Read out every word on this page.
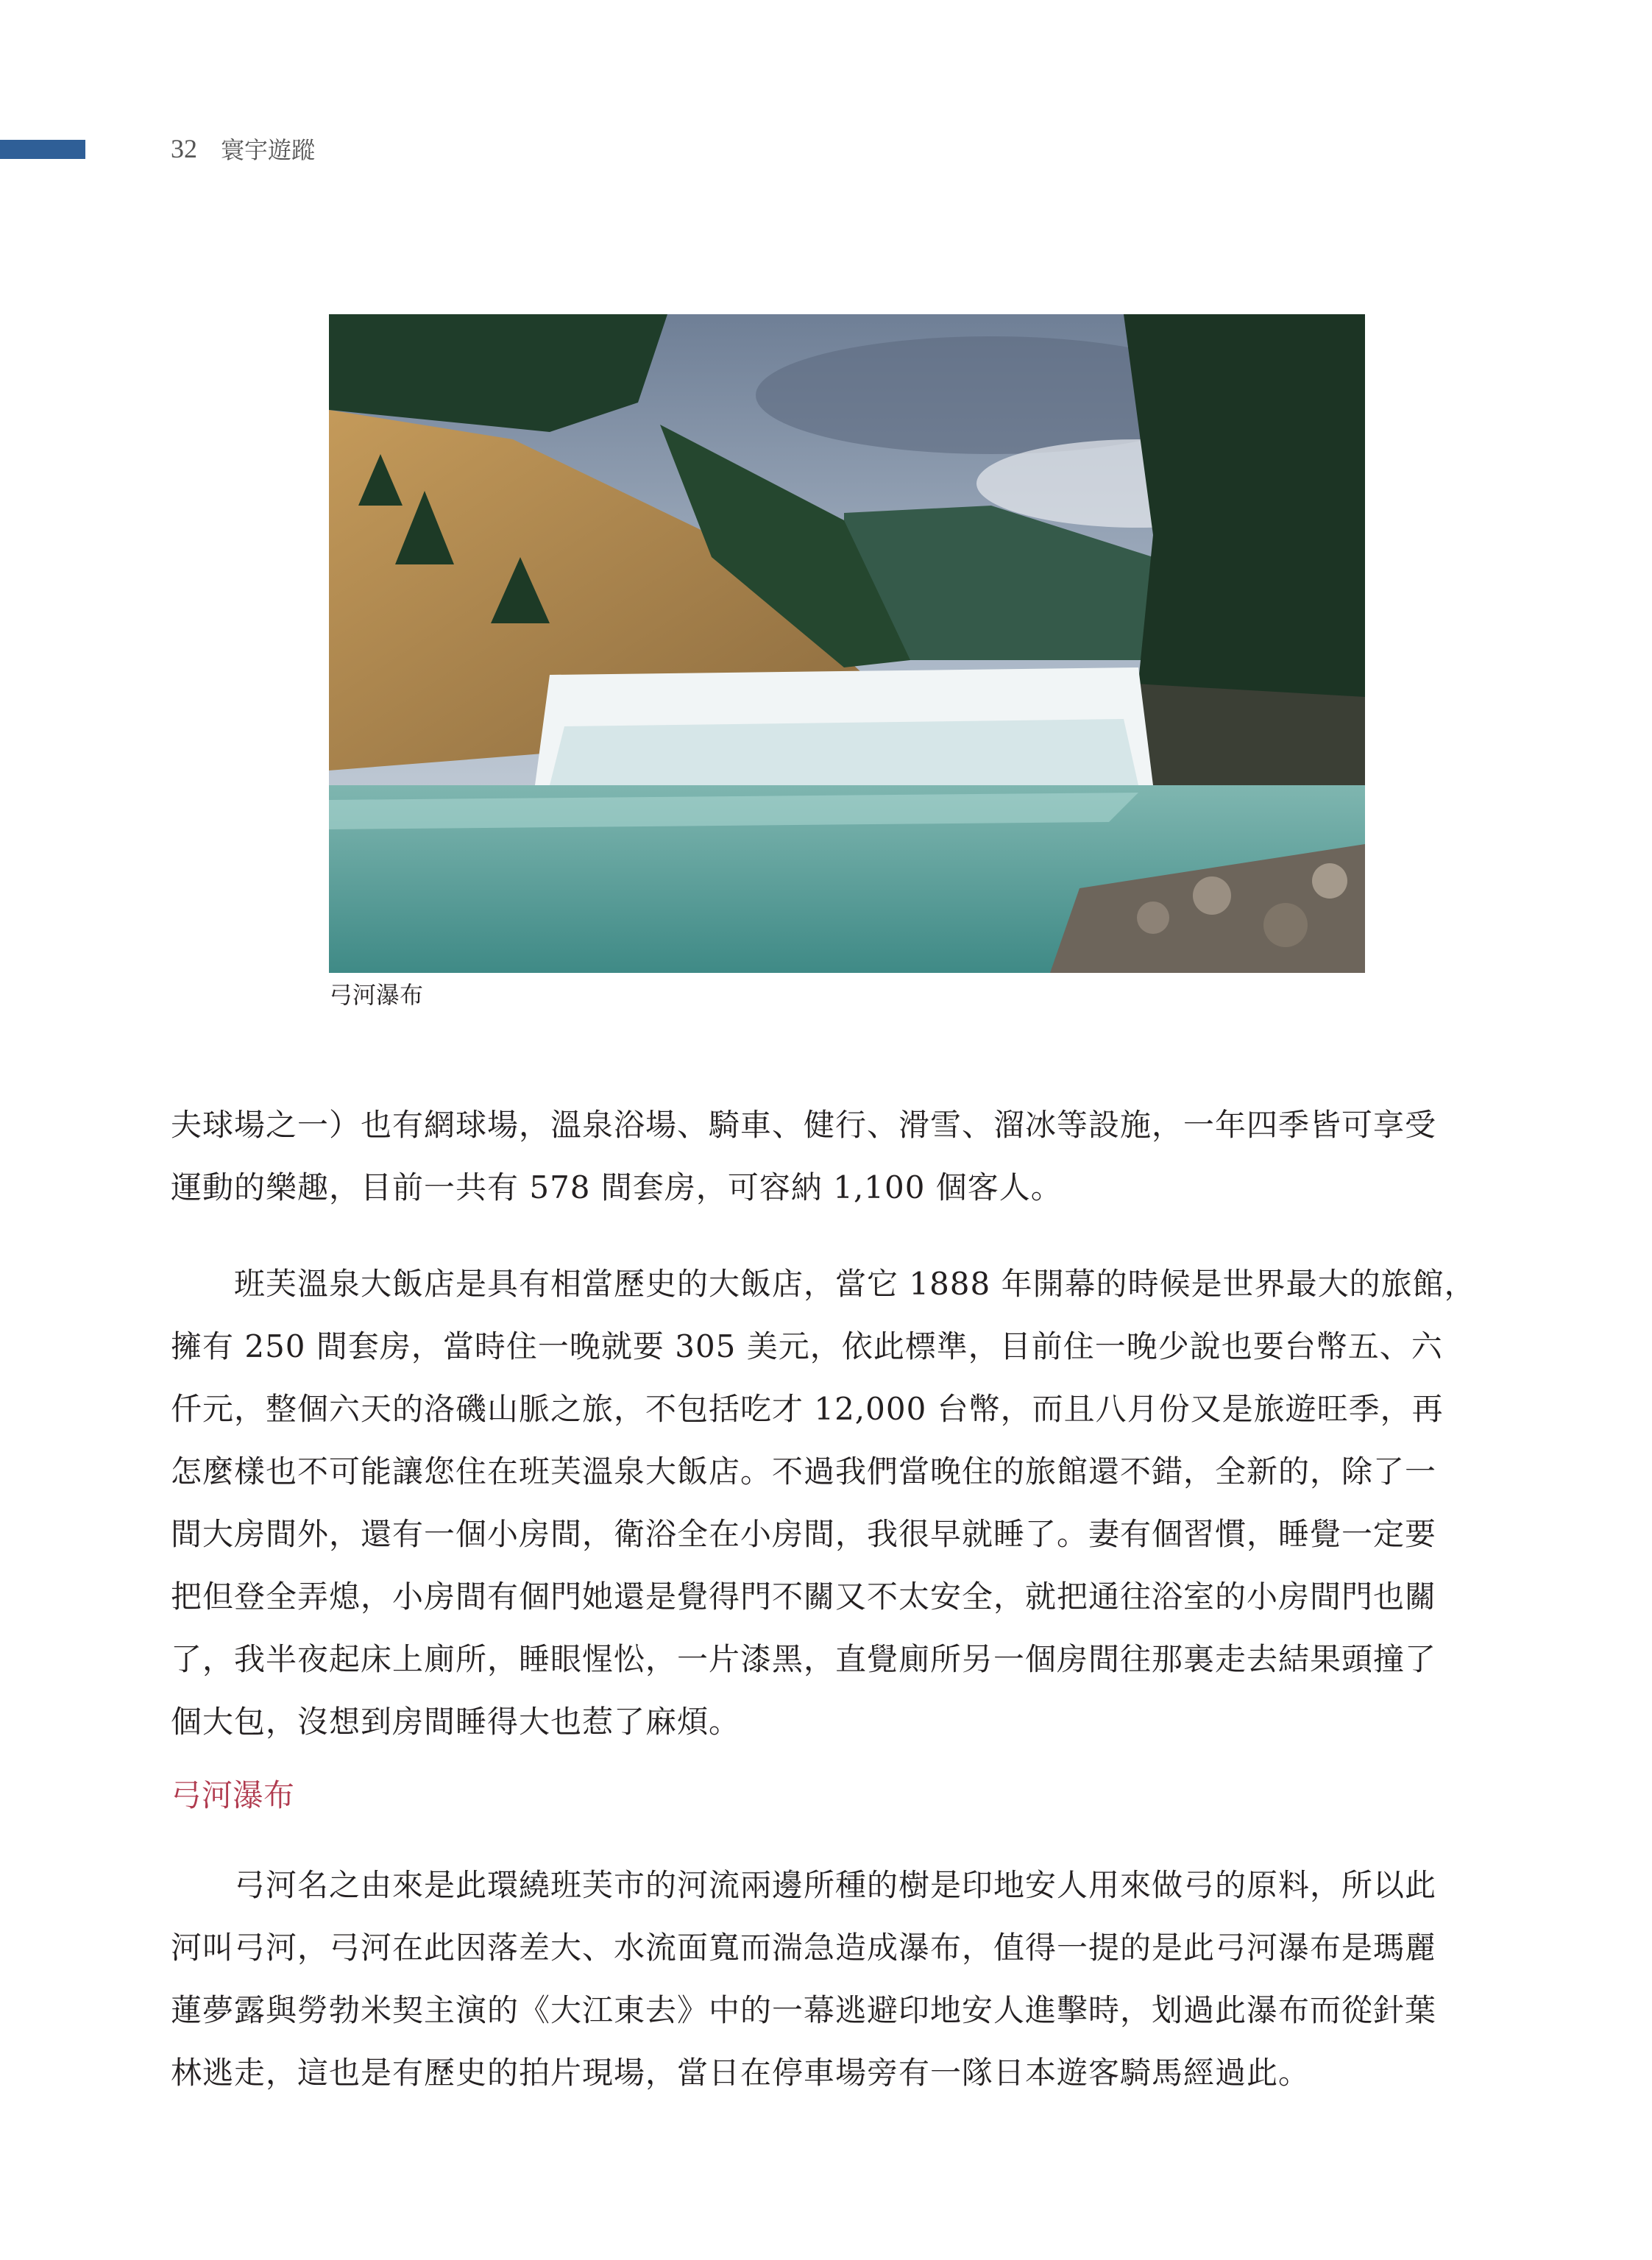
32 寰宇遊蹤
弓河瀑布

夫球場之一）也有網球場，溫泉浴場、騎車、健行、滑雪、溜冰等設施，一年四季皆可享受
運動的樂趣，目前一共有 578 間套房，可容納 1,100 個客人。

　　班芙溫泉大飯店是具有相當歷史的大飯店，當它 1888 年開幕的時候是世界最大的旅館，
擁有 250 間套房，當時住一晚就要 305 美元，依此標準，目前住一晚少說也要台幣五、六
仟元，整個六天的洛磯山脈之旅，不包括吃才 12,000 台幣，而且八月份又是旅遊旺季，再
怎麼樣也不可能讓您住在班芙溫泉大飯店。不過我們當晚住的旅館還不錯，全新的，除了一
間大房間外，還有一個小房間，衛浴全在小房間，我很早就睡了。妻有個習慣，睡覺一定要
把但登全弄熄，小房間有個門她還是覺得門不關又不太安全，就把通往浴室的小房間門也關
了，我半夜起床上廁所，睡眼惺忪，一片漆黑，直覺廁所另一個房間往那裏走去結果頭撞了
個大包，沒想到房間睡得大也惹了麻煩。

弓河瀑布

　　弓河名之由來是此環繞班芙市的河流兩邊所種的樹是印地安人用來做弓的原料，所以此
河叫弓河，弓河在此因落差大、水流面寬而湍急造成瀑布，值得一提的是此弓河瀑布是瑪麗
蓮夢露與勞勃米契主演的《大江東去》中的一幕逃避印地安人進擊時，划過此瀑布而從針葉
林逃走，這也是有歷史的拍片現場，當日在停車場旁有一隊日本遊客騎馬經過此。
